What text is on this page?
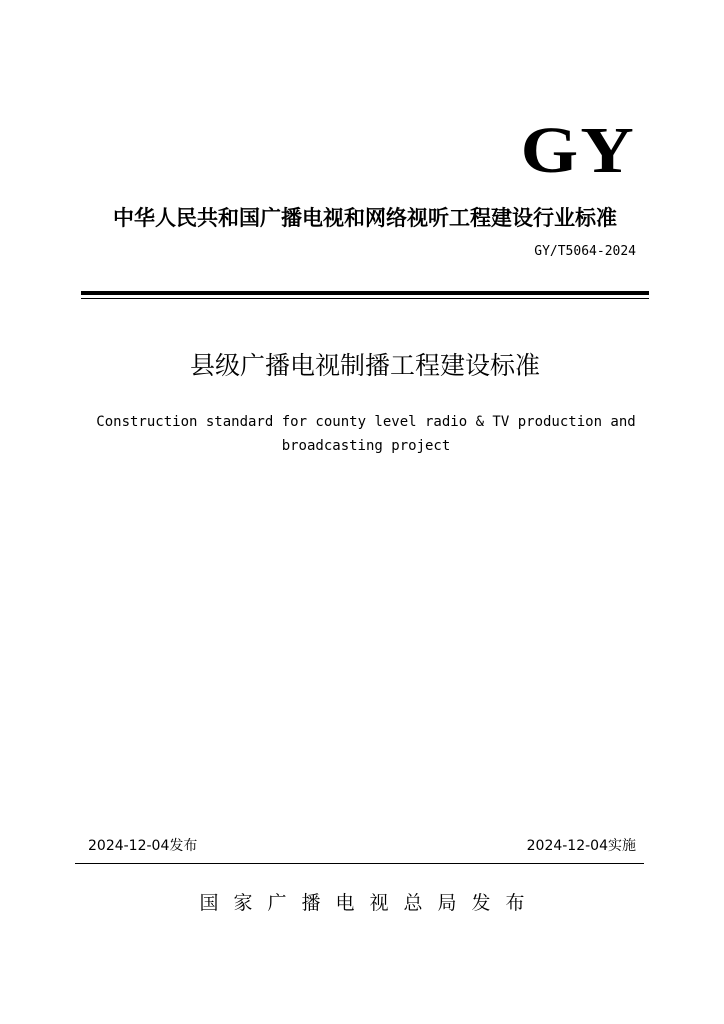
GY
中华人民共和国广播电视和网络视听工程建设行业标准
GY/T5064-2024
县级广播电视制播工程建设标准
Construction standard for county level radio & TV production and broadcasting project
2024-12-04发布	2024-12-04实施
国家广播电视总局发布
